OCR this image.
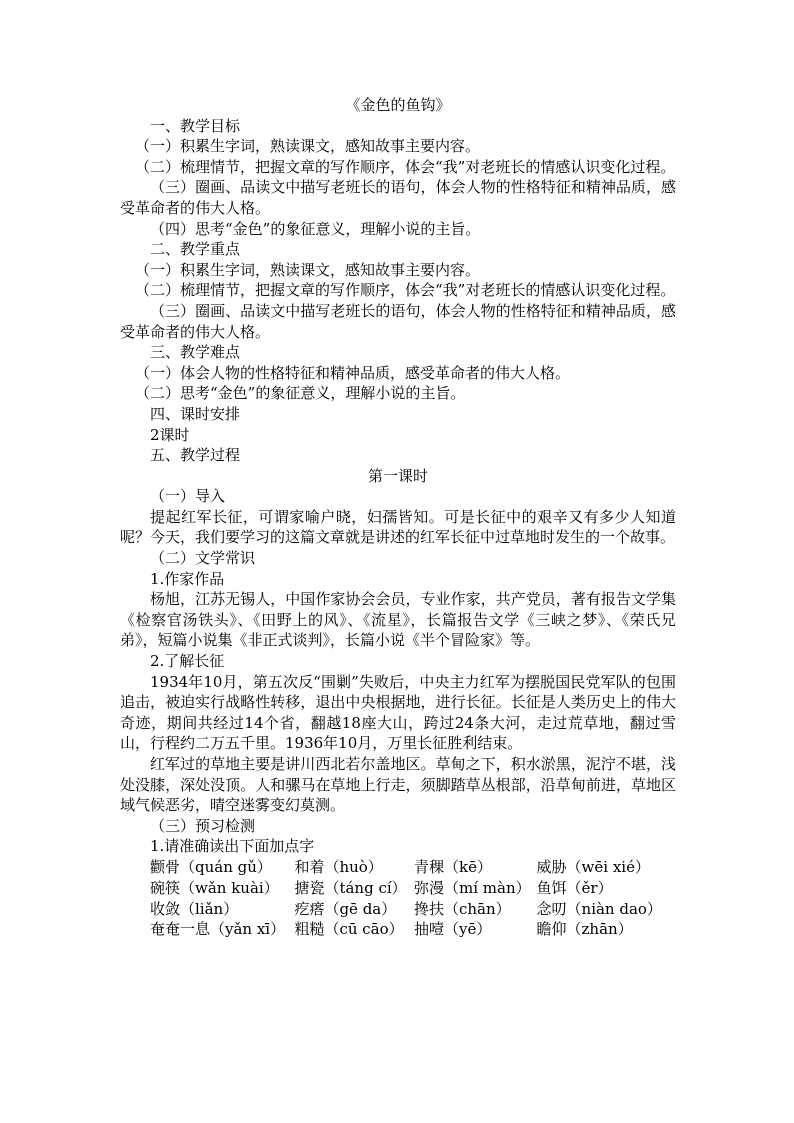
《金色的鱼钩》

一、教学目标

（一）积累生字词，熟读课文，感知故事主要内容。

（二）梳理情节，把握文章的写作顺序，体会“我”对老班长的情感认识变化过程。

（三）圈画、品读文中描写老班长的语句，体会人物的性格特征和精神品质，感受革命者的伟大人格。

（四）思考“金色”的象征意义，理解小说的主旨。

二、教学重点

（一）积累生字词，熟读课文，感知故事主要内容。

（二）梳理情节，把握文章的写作顺序，体会“我”对老班长的情感认识变化过程。

（三）圈画、品读文中描写老班长的语句，体会人物的性格特征和精神品质，感受革命者的伟大人格。

三、教学难点

（一）体会人物的性格特征和精神品质，感受革命者的伟大人格。

（二）思考“金色”的象征意义，理解小说的主旨。

四、课时安排

2课时

五、教学过程

第一课时

（一）导入

提起红军长征，可谓家喻户晓，妇孺皆知。可是长征中的艰辛又有多少人知道呢？今天，我们要学习的这篇文章就是讲述的红军长征中过草地时发生的一个故事。

（二）文学常识

1.作家作品

杨旭，江苏无锡人，中国作家协会会员，专业作家，共产党员，著有报告文学集《检察官汤铁头》、《田野上的风》、《流星》，长篇报告文学《三峡之梦》、《荣氏兄弟》，短篇小说集《非正式谈判》，长篇小说《半个冒险家》等。

2.了解长征

1934年10月，第五次反“围剿”失败后，中央主力红军为摆脱国民党军队的包围追击，被迫实行战略性转移，退出中央根据地，进行长征。长征是人类历史上的伟大奇迹，期间共经过14个省，翻越18座大山，跨过24条大河，走过荒草地，翻过雪山，行程约二万五千里。1936年10月，万里长征胜利结束。

红军过的草地主要是讲川西北若尔盖地区。草甸之下，积水淤黑，泥泞不堪，浅处没膝，深处没顶。人和骡马在草地上行走，须脚踏草丛根部，沿草甸前进，草地区域气候恶劣，晴空迷雾变幻莫测。

（三）预习检测

1.请准确读出下面加点字

颧骨（quán gǔ）	和着（huò）	青稞（kē）	威胁（wēi xié）
碗筷（wǎn kuài）	搪瓷（táng cí） 弥漫（mí màn） 鱼饵（ěr）
收敛（liǎn）	疙瘩（gē da）	搀扶（chān）	念叨（niàn dao）
奄奄一息（yǎn xī） 粗糙（cū cāo） 抽噎（yē）	瞻仰（zhān）
